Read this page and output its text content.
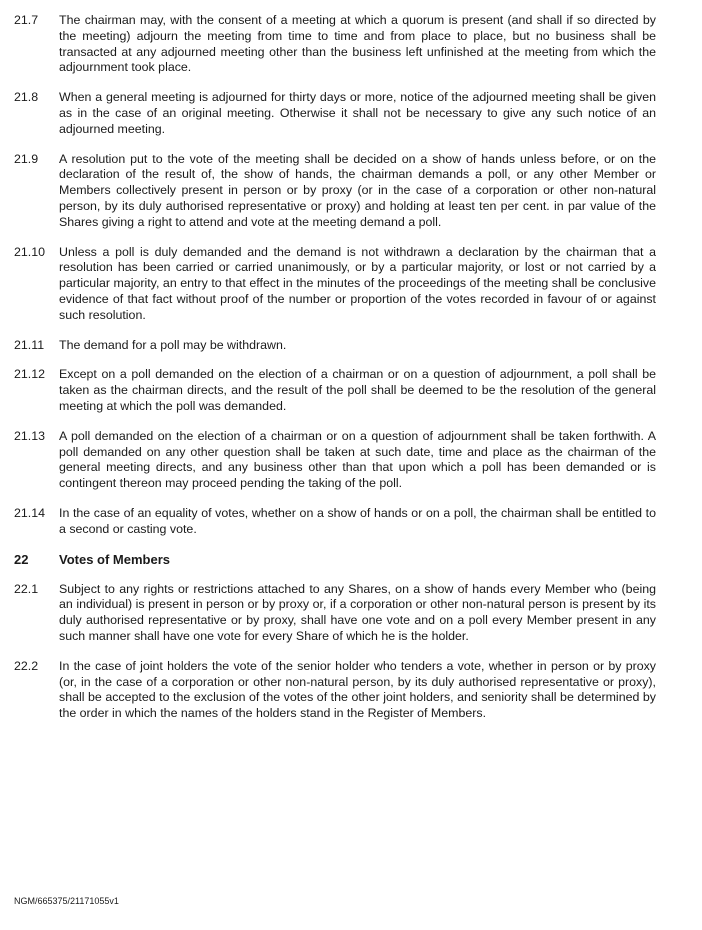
21.7	The chairman may, with the consent of a meeting at which a quorum is present (and shall if so directed by the meeting) adjourn the meeting from time to time and from place to place, but no business shall be transacted at any adjourned meeting other than the business left unfinished at the meeting from which the adjournment took place.
21.8	When a general meeting is adjourned for thirty days or more, notice of the adjourned meeting shall be given as in the case of an original meeting. Otherwise it shall not be necessary to give any such notice of an adjourned meeting.
21.9	A resolution put to the vote of the meeting shall be decided on a show of hands unless before, or on the declaration of the result of, the show of hands, the chairman demands a poll, or any other Member or Members collectively present in person or by proxy (or in the case of a corporation or other non-natural person, by its duly authorised representative or proxy) and holding at least ten per cent. in par value of the Shares giving a right to attend and vote at the meeting demand a poll.
21.10	Unless a poll is duly demanded and the demand is not withdrawn a declaration by the chairman that a resolution has been carried or carried unanimously, or by a particular majority, or lost or not carried by a particular majority, an entry to that effect in the minutes of the proceedings of the meeting shall be conclusive evidence of that fact without proof of the number or proportion of the votes recorded in favour of or against such resolution.
21.11	The demand for a poll may be withdrawn.
21.12	Except on a poll demanded on the election of a chairman or on a question of adjournment, a poll shall be taken as the chairman directs, and the result of the poll shall be deemed to be the resolution of the general meeting at which the poll was demanded.
21.13	A poll demanded on the election of a chairman or on a question of adjournment shall be taken forthwith. A poll demanded on any other question shall be taken at such date, time and place as the chairman of the general meeting directs, and any business other than that upon which a poll has been demanded or is contingent thereon may proceed pending the taking of the poll.
21.14	In the case of an equality of votes, whether on a show of hands or on a poll, the chairman shall be entitled to a second or casting vote.
22	Votes of Members
22.1	Subject to any rights or restrictions attached to any Shares, on a show of hands every Member who (being an individual) is present in person or by proxy or, if a corporation or other non-natural person is present by its duly authorised representative or by proxy, shall have one vote and on a poll every Member present in any such manner shall have one vote for every Share of which he is the holder.
22.2	In the case of joint holders the vote of the senior holder who tenders a vote, whether in person or by proxy (or, in the case of a corporation or other non-natural person, by its duly authorised representative or proxy), shall be accepted to the exclusion of the votes of the other joint holders, and seniority shall be determined by the order in which the names of the holders stand in the Register of Members.
NGM/665375/21171055v1
